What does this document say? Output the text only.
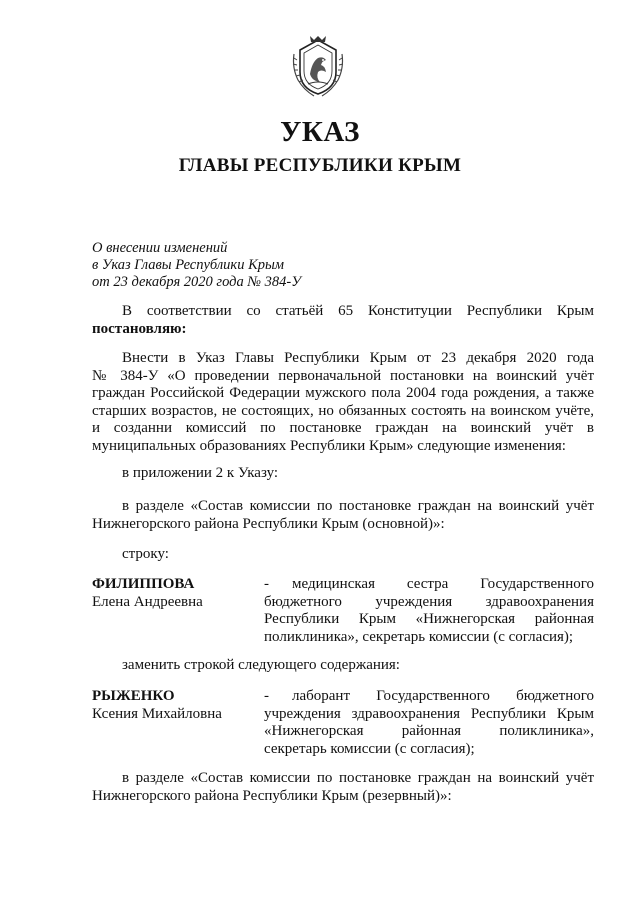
УКАЗ
ГЛАВЫ РЕСПУБЛИКИ КРЫМ
О внесении изменений
в Указ Главы Республики Крым
от 23 декабря 2020 года № 384-У
В соответствии со статьёй 65 Конституции Республики Крым
постановляю:
Внести в Указ Главы Республики Крым от 23 декабря 2020 года
№ 384-У «О проведении первоначальной постановки на воинский учёт
граждан Российской Федерации мужского пола 2004 года рождения, а также
старших возрастов, не состоящих, но обязанных состоять на воинском учёте,
и созданни комиссий по постановке граждан на воинский учёт в
муниципальных образованиях Республики Крым» следующие изменения:
в приложении 2 к Указу:
в разделе «Состав комиссии по постановке граждан на воинский учёт
Нижнегорского района Республики Крым (основной)»:
строку:
ФИЛИППОВА
Елена Андреевна
-	медицинская сестра Государственного
бюджетного учреждения здравоохранения
Республики Крым «Нижнегорская районная
поликлиника», секретарь комиссии (с согласия);
заменить строкой следующего содержания:
РЫЖЕНКО
Ксения Михайловна
-	лаборант Государственного бюджетного
учреждения здравоохранения Республики Крым
«Нижнегорская районная поликлиника»,
секретарь комиссии (с согласия);
в разделе «Состав комиссии по постановке граждан на воинский учёт
Нижнегорского района Республики Крым (резервный)»:
